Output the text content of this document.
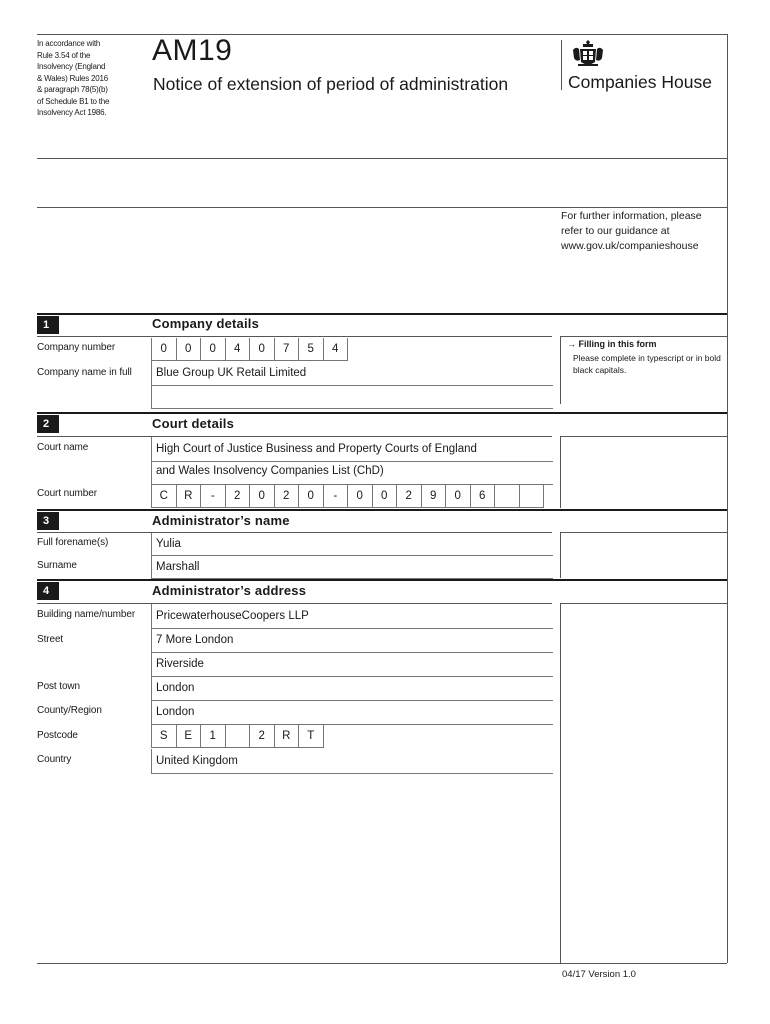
In accordance with
Rule 3.54 of the
Insolvency (England
& Wales) Rules 2016
& paragraph 78(5)(b)
of Schedule B1 to the
Insolvency Act 1986.
AM19
Notice of extension of period of administration	Companies House
For further information, please
refer to our guidance at
www.gov.uk/companieshouse
1	Company details
Company number	0	0	0	4	0	7	5	4
Company name in full Blue Group UK Retail Limited
→ Filling in this form
Please complete in typescript or in bold black capitals.
2	Court details
Court name	High Court of Justice Business and Property Courts of England
and Wales Insolvency Companies List (ChD)
Court number	C	R	-	2	0	2	0	-	0	0	2	9	0	6
3	Administrator’s name
Full forename(s)	Yulia
Surname	Marshall
4	Administrator’s address
Building name/number PricewaterhouseCoopers LLP
Street	7 More London
Riverside
Post town	London
County/Region	London
Postcode	S	E	1	2	R	T
Country	United Kingdom
04/17 Version 1.0
